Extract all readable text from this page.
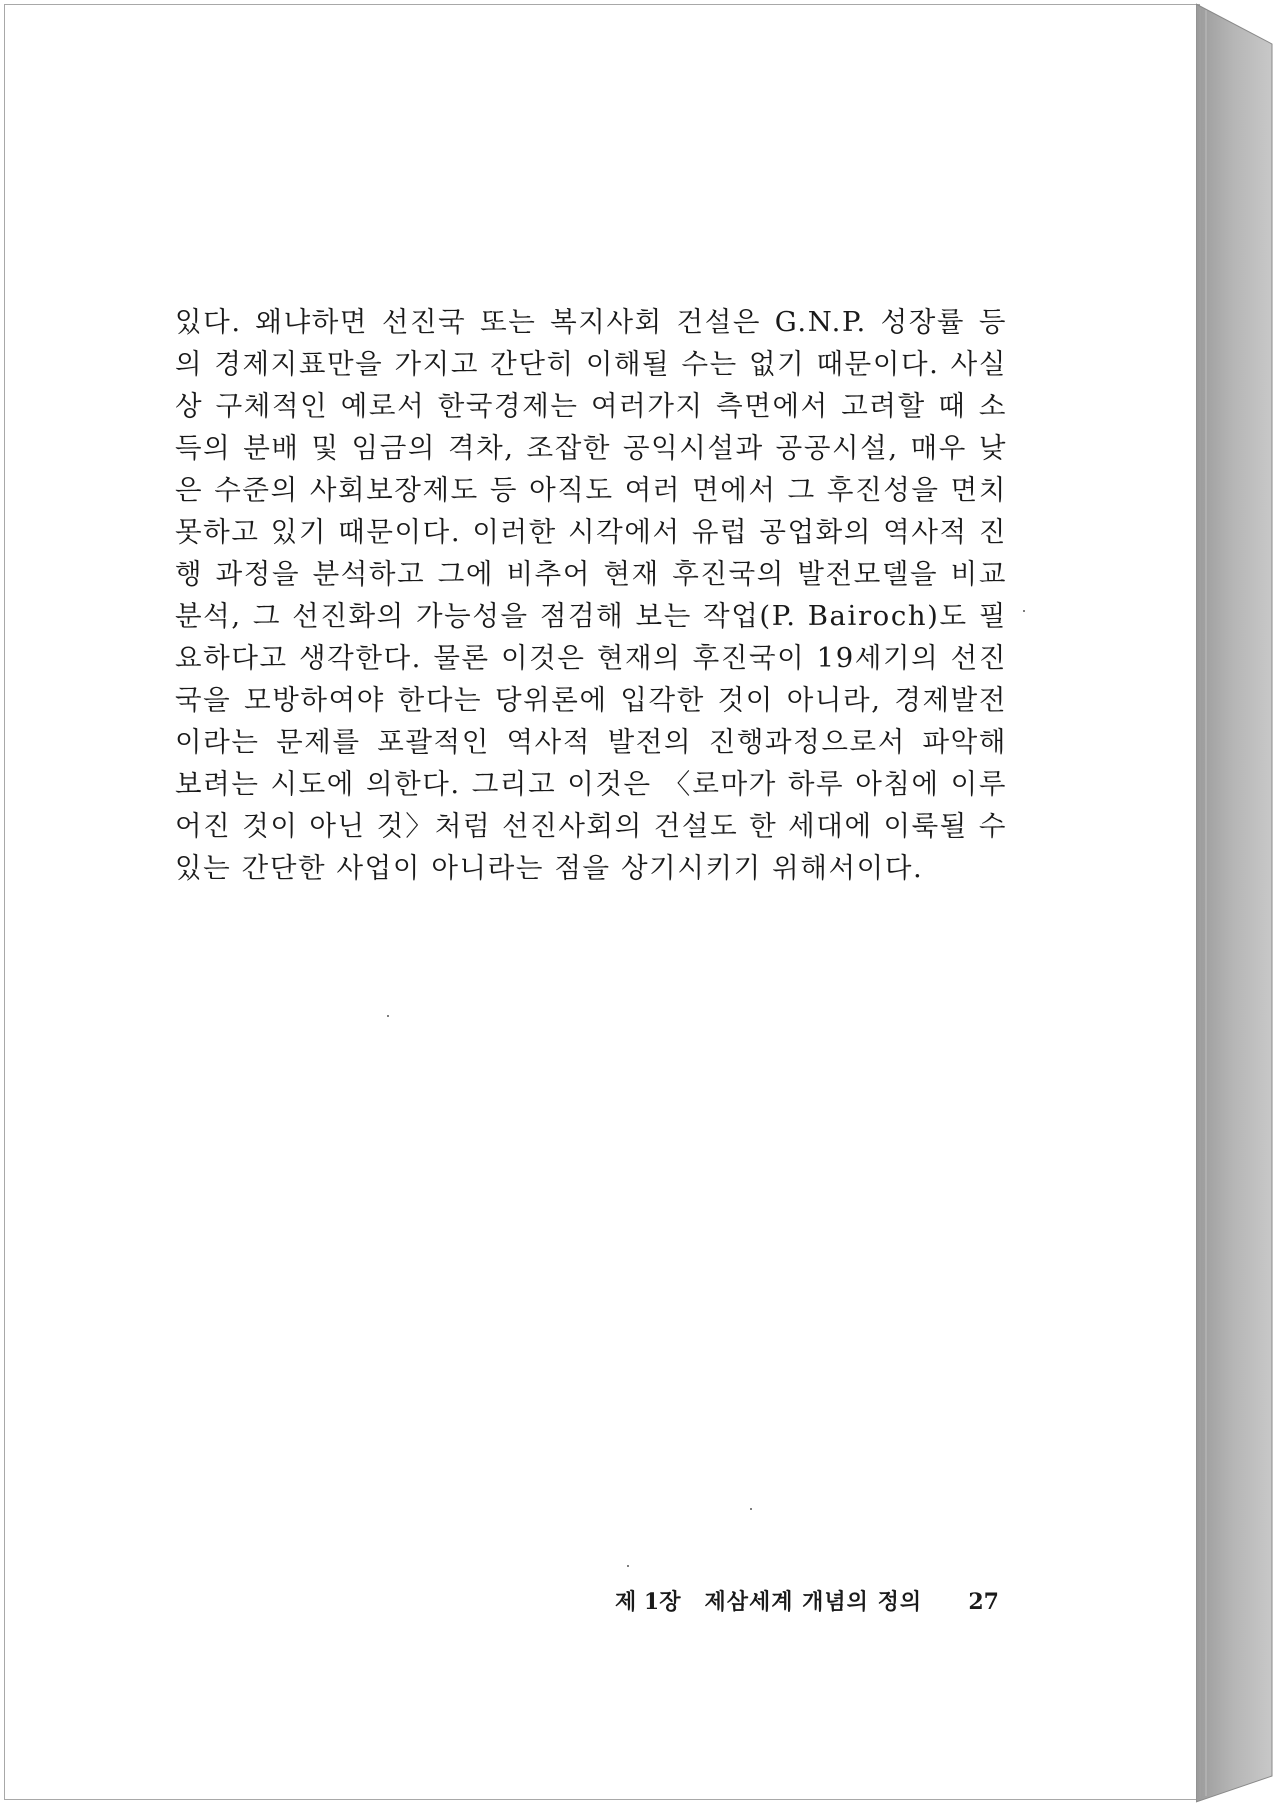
있다. 왜냐하면 선진국 또는 복지사회 건설은 G.N.P. 성장률 등의 경제지표만을 가지고 간단히 이해될 수는 없기 때문이다. 사실상 구체적인 예로서 한국경제는 여러가지 측면에서 고려할 때 소득의 분배 및 임금의 격차, 조잡한 공익시설과 공공시설, 매우 낮은 수준의 사회보장제도 등 아직도 여러 면에서 그 후진성을 면치 못하고 있기 때문이다. 이러한 시각에서 유럽 공업화의 역사적 진행 과정을 분석하고 그에 비추어 현재 후진국의 발전모델을 비교분석, 그 선진화의 가능성을 점검해 보는 작업(P. Bairoch)도 필요하다고 생각한다. 물론 이것은 현재의 후진국이 19세기의 선진국을 모방하여야 한다는 당위론에 입각한 것이 아니라, 경제발전이라는 문제를 포괄적인 역사적 발전의 진행과정으로서 파악해 보려는 시도에 의한다. 그리고 이것은 〈로마가 하루 아침에 이루어진 것이 아닌 것〉처럼 선진사회의 건설도 한 세대에 이룩될 수 있는 간단한 사업이 아니라는 점을 상기시키기 위해서이다.

제 1장 제삼세계 개념의 정의	27
